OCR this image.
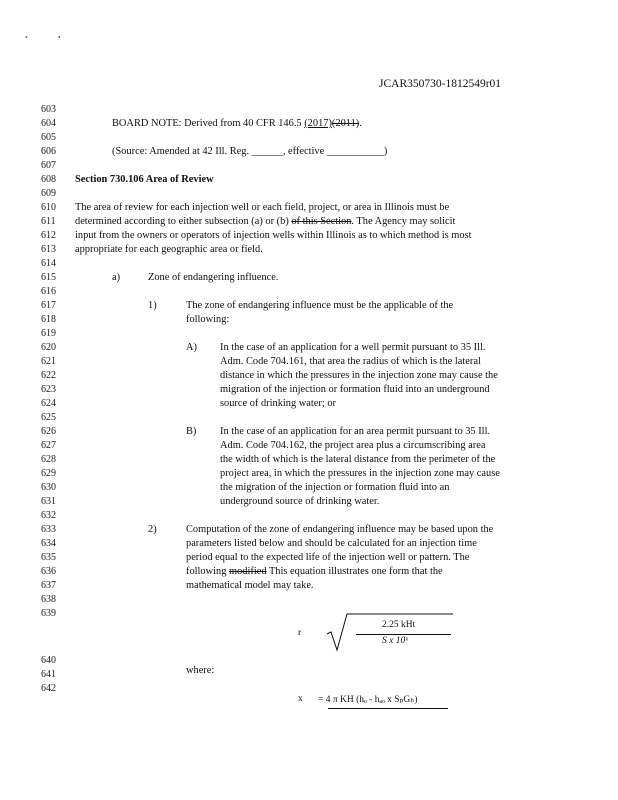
•	•
JCAR350730-1812549r01
603
604
605
606
607
608
609
610
611
612
613
614
615
616
617
618
619
620
621
622
623
624
625
626
627
628
629
630
631
632
633
634
635
636
637
638
639
640
641
642
BOARD NOTE: Derived from 40 CFR 146.5 (2017)(2011).
(Source: Amended at 42 Ill. Reg. ______, effective ___________)
Section 730.106 Area of Review
The area of review for each injection well or each field, project, or area in Illinois must be
determined according to either subsection (a) or (b) of this Section. The Agency may solicit
input from the owners or operators of injection wells within Illinois as to which method is most
appropriate for each geographic area or field.
a)	Zone of endangering influence.
1)	The zone of endangering influence must be the applicable of the
following:
A) In the case of an application for a well permit pursuant to 35 Ill.
Adm. Code 704.161, that area the radius of which is the lateral
distance in which the pressures in the injection zone may cause the
migration of the injection or formation fluid into an underground
source of drinking water; or
B) In the case of an application for an area permit pursuant to 35 Ill.
Adm. Code 704.162, the project area plus a circumscribing area
the width of which is the lateral distance from the perimeter of the
project area, in which the pressures in the injection zone may cause
the migration of the injection or formation fluid into an
underground source of drinking water.
2)	Computation of the zone of endangering influence may be based upon the
parameters listed below and should be calculated for an injection time
period equal to the expected life of the injection well or pattern. The
following modified This equation illustrates one form that the
mathematical model may take.
r
2.25 kHt
S x 10ˣ
where:
x = 4 π KH (hₒ - hₐₒ x SₚGₕ)
